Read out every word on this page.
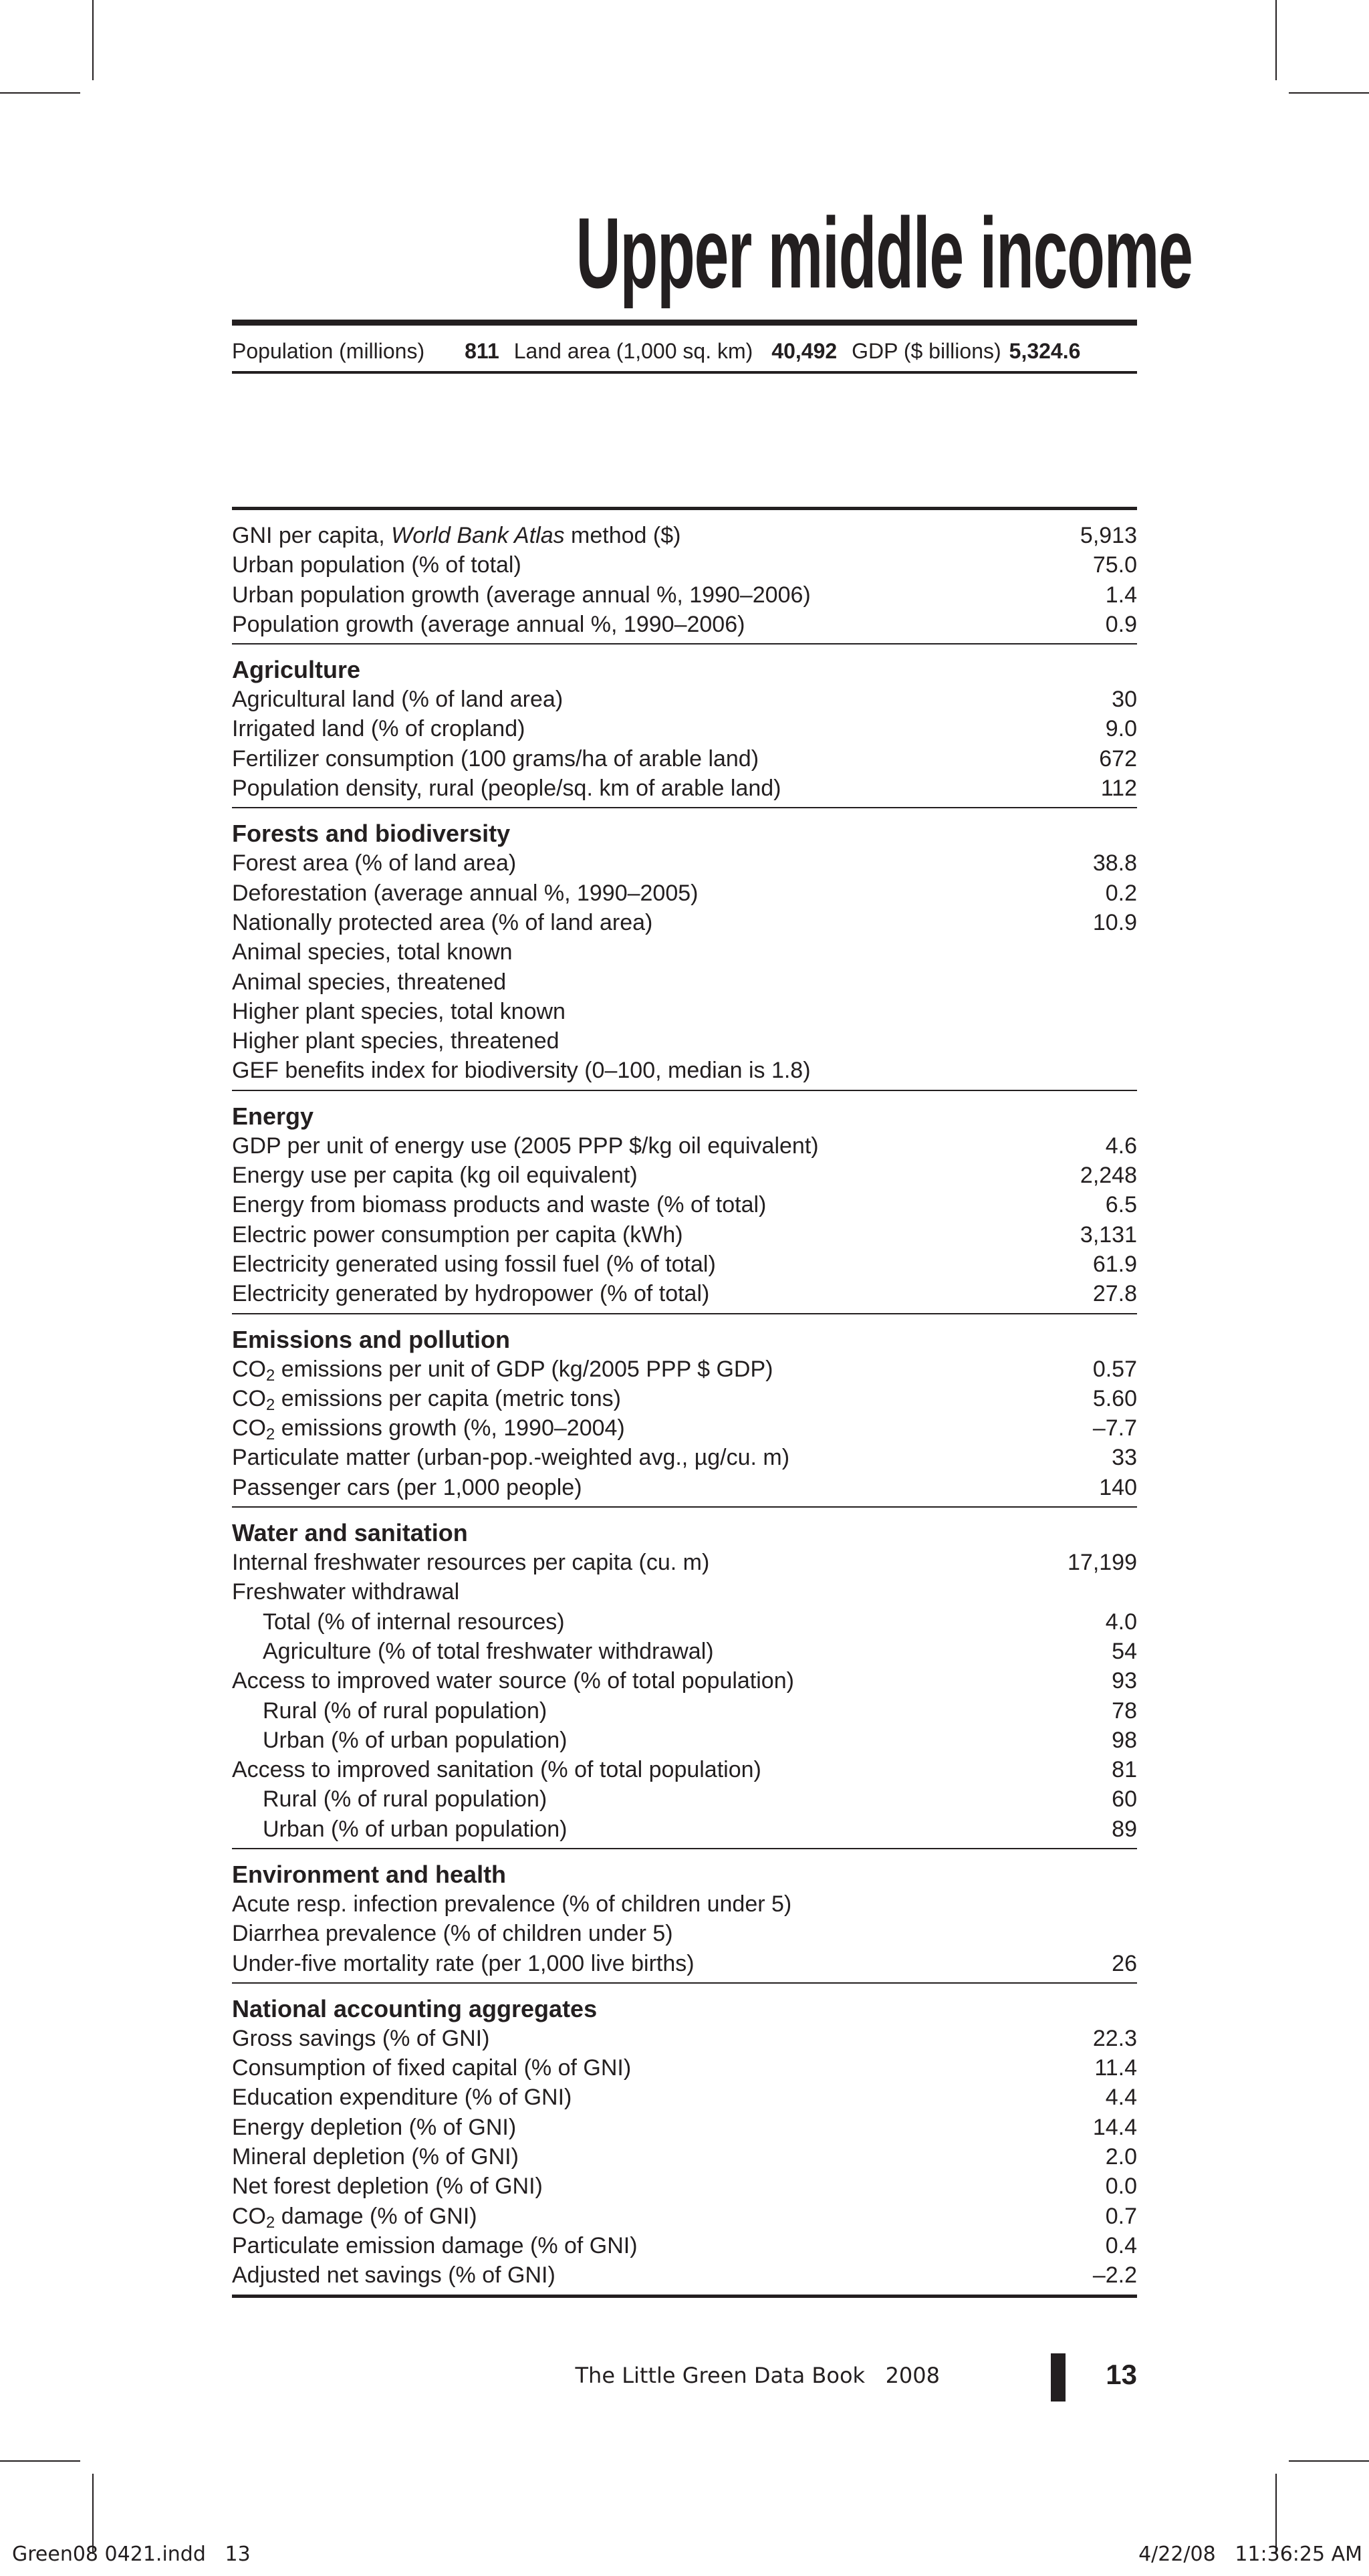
Upper middle income
Population (millions) 811 Land area (1,000 sq. km) 40,492 GDP ($ billions) 5,324.6
GNI per capita, World Bank Atlas method ($)	5,913
Urban population (% of total)	75.0
Urban population growth (average annual %, 1990–2006)	1.4
Population growth (average annual %, 1990–2006)	0.9
Agriculture
Agricultural land (% of land area)	30
Irrigated land (% of cropland)	9.0
Fertilizer consumption (100 grams/ha of arable land)	672
Population density, rural (people/sq. km of arable land)	112
Forests and biodiversity
Forest area (% of land area)	38.8
Deforestation (average annual %, 1990–2005)	0.2
Nationally protected area (% of land area)	10.9
Animal species, total known
Animal species, threatened
Higher plant species, total known
Higher plant species, threatened
GEF benefits index for biodiversity (0–100, median is 1.8)
Energy
GDP per unit of energy use (2005 PPP $/kg oil equivalent)	4.6
Energy use per capita (kg oil equivalent)	2,248
Energy from biomass products and waste (% of total)	6.5
Electric power consumption per capita (kWh)	3,131
Electricity generated using fossil fuel (% of total)	61.9
Electricity generated by hydropower (% of total)	27.8
Emissions and pollution
$CO_2$ emissions per unit of GDP (kg/2005 PPP $ GDP)	0.57
$CO_2$ emissions per capita (metric tons)	5.60
$CO_2$ emissions growth (%, 1990–2004)	–7.7
Particulate matter (urban-pop.-weighted avg., µg/cu. m)	33
Passenger cars (per 1,000 people)	140
Water and sanitation
Internal freshwater resources per capita (cu. m)	17,199
Freshwater withdrawal
Total (% of internal resources)	4.0
Agriculture (% of total freshwater withdrawal)	54
Access to improved water source (% of total population)	93
Rural (% of rural population)	78
Urban (% of urban population)	98
Access to improved sanitation (% of total population)	81
Rural (% of rural population)	60
Urban (% of urban population)	89
Environment and health
Acute resp. infection prevalence (% of children under 5)
Diarrhea prevalence (% of children under 5)
Under-five mortality rate (per 1,000 live births)	26
National accounting aggregates
Gross savings (% of GNI)	22.3
Consumption of fixed capital (% of GNI)	11.4
Education expenditure (% of GNI)	4.4
Energy depletion (% of GNI)	14.4
Mineral depletion (% of GNI)	2.0
Net forest depletion (% of GNI)	0.0
$CO_2$ damage (% of GNI)	0.7
Particulate emission damage (% of GNI)	0.4
Adjusted net savings (% of GNI)	–2.2
The Little Green Data Book   2008	13
Green08 0421.indd   13	4/22/08   11:36:25 AM
